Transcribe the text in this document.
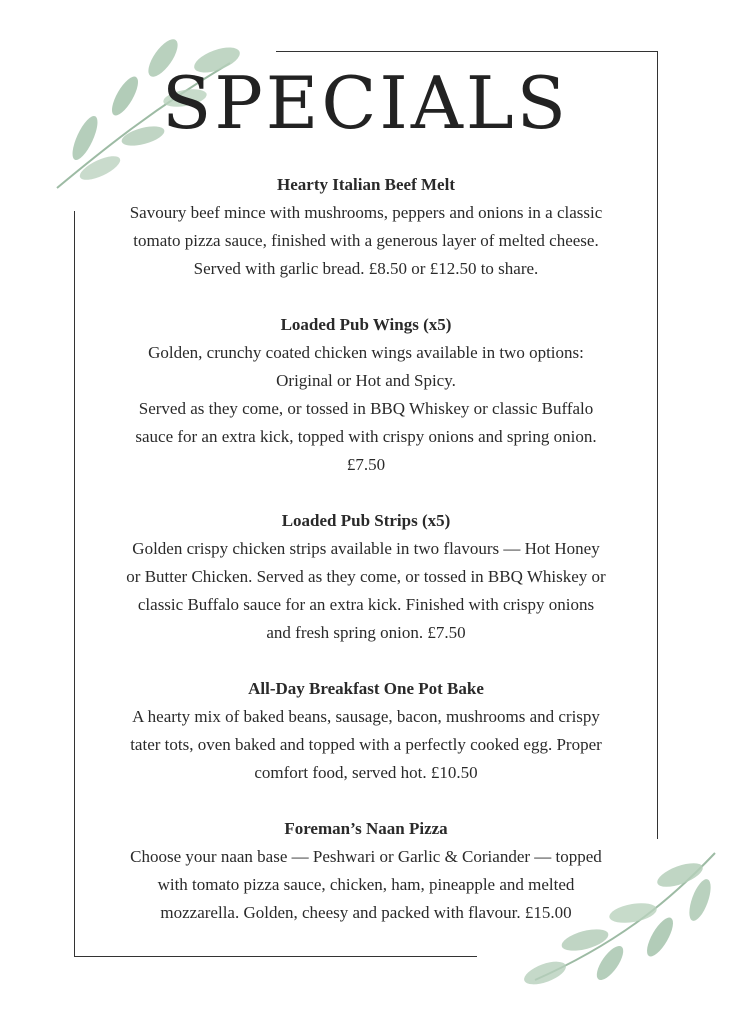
SPECIALS

Hearty Italian Beef Melt

Savoury beef mince with mushrooms, peppers and onions in a classic
tomato pizza sauce, finished with a generous layer of melted cheese.
Served with garlic bread. £8.50 or £12.50 to share.

Loaded Pub Wings (x5)

Golden, crunchy coated chicken wings available in two options:
Original or Hot and Spicy.
Served as they come, or tossed in BBQ Whiskey or classic Buffalo
sauce for an extra kick, topped with crispy onions and spring onion.
£7.50

Loaded Pub Strips (x5)

Golden crispy chicken strips available in two flavours — Hot Honey
or Butter Chicken. Served as they come, or tossed in BBQ Whiskey or
classic Buffalo sauce for an extra kick. Finished with crispy onions
and fresh spring onion. £7.50

All-Day Breakfast One Pot Bake

A hearty mix of baked beans, sausage, bacon, mushrooms and crispy
tater tots, oven baked and topped with a perfectly cooked egg. Proper
comfort food, served hot. £10.50

Foreman’s Naan Pizza

Choose your naan base — Peshwari or Garlic & Coriander — topped
with tomato pizza sauce, chicken, ham, pineapple and melted
mozzarella. Golden, cheesy and packed with flavour. £15.00
